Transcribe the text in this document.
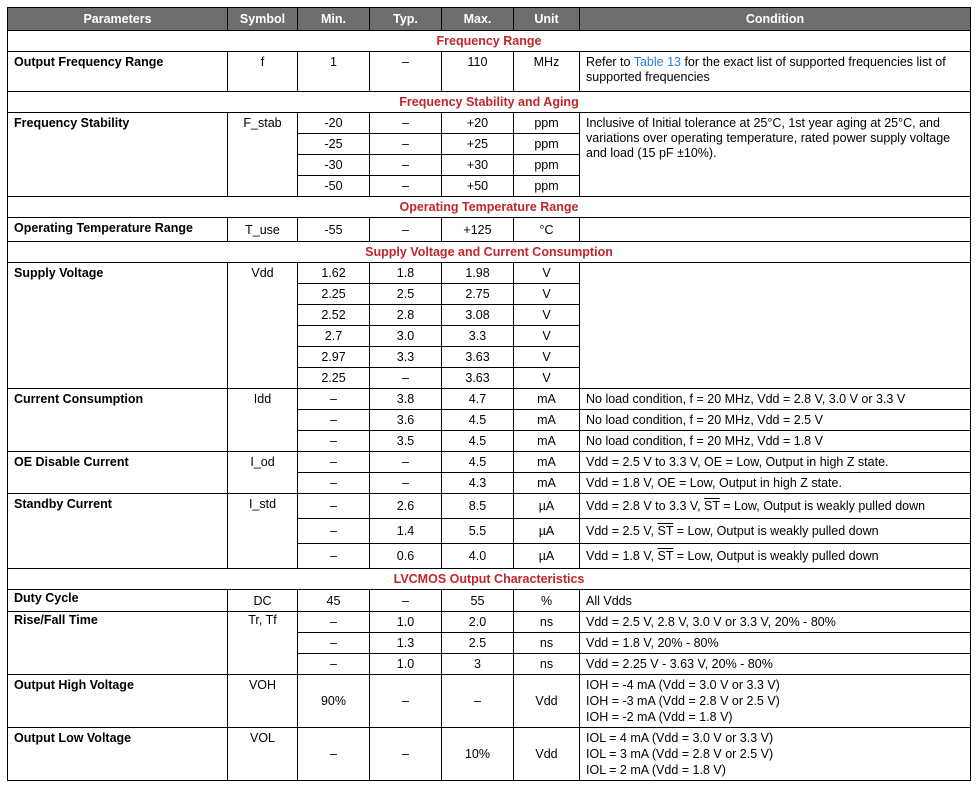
Parameters	Symbol	Min.	Typ.	Max.	Unit	Condition
Frequency Range						
Output Frequency Range	f	1	–	110	MHz	Refer to Table 13 for the exact list of supported frequencies list of supported frequencies
Frequency Stability and Aging						
Frequency Stability	F_stab	-20	–	+20	ppm	Inclusive of Initial tolerance at 25°C, 1st year aging at 25°C, and variations over operating temperature, rated power supply voltage and load (15 pF ±10%).
		-25	–	+25	ppm	
		-30	–	+30	ppm	
		-50	–	+50	ppm	
Operating Temperature Range						
Operating Temperature Range	T_use	-55	–	+125	°C	
Supply Voltage and Current Consumption						
Supply Voltage	Vdd	1.62	1.8	1.98	V	
		2.25	2.5	2.75	V	
		2.52	2.8	3.08	V	
		2.7	3.0	3.3	V	
		2.97	3.3	3.63	V	
		2.25	–	3.63	V	
Current Consumption	Idd	–	3.8	4.7	mA	No load condition, f = 20 MHz, Vdd = 2.8 V, 3.0 V or 3.3 V
		–	3.6	4.5	mA	No load condition, f = 20 MHz, Vdd = 2.5 V
		–	3.5	4.5	mA	No load condition, f = 20 MHz, Vdd = 1.8 V
OE Disable Current	I_od	–	–	4.5	mA	Vdd = 2.5 V to 3.3 V, OE = Low, Output in high Z state.
		–	–	4.3	mA	Vdd = 1.8 V, OE = Low, Output in high Z state.
Standby Current	I_std	–	2.6	8.5	µA	Vdd = 2.8 V to 3.3 V, $\overline{ST}$ = Low, Output is weakly pulled down
		–	1.4	5.5	µA	Vdd = 2.5 V, $\overline{ST}$ = Low, Output is weakly pulled down
		–	0.6	4.0	µA	Vdd = 1.8 V, $\overline{ST}$ = Low, Output is weakly pulled down
LVCMOS Output Characteristics						
Duty Cycle	DC	45	–	55	%	All Vdds
Rise/Fall Time	Tr, Tf	–	1.0	2.0	ns	Vdd = 2.5 V, 2.8 V, 3.0 V or 3.3 V, 20% - 80%
		–	1.3	2.5	ns	Vdd = 1.8 V, 20% - 80%
		–	1.0	3	ns	Vdd = 2.25 V - 3.63 V, 20% - 80%
Output High Voltage	VOH	90%	–	–	Vdd	IOH = -4 mA (Vdd = 3.0 V or 3.3 V)
IOH = -3 mA (Vdd = 2.8 V or 2.5 V)
IOH = -2 mA (Vdd = 1.8 V)

Output Low Voltage	VOL	–	–	10%	Vdd	IOL = 4 mA (Vdd = 3.0 V or 3.3 V)
IOL = 3 mA (Vdd = 2.8 V or 2.5 V)
IOL = 2 mA (Vdd = 1.8 V)
